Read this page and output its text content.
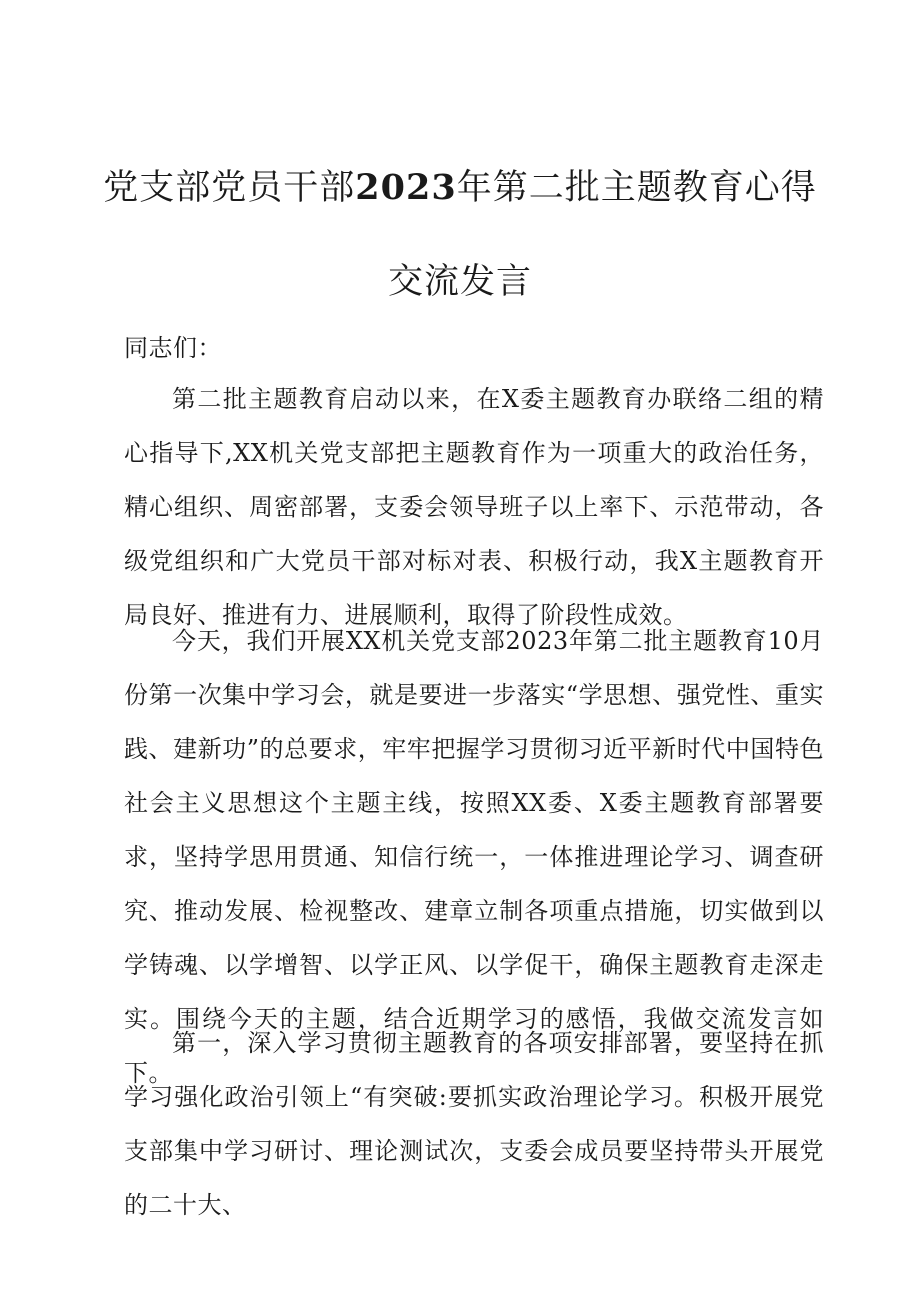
党支部党员干部2023年第二批主题教育心得
交流发言

同志们：

第二批主题教育启动以来，在X委主题教育办联络二组的精心指导下,XX机关党支部把主题教育作为一项重大的政治任务，精心组织、周密部署，支委会领导班子以上率下、示范带动，各级党组织和广大党员干部对标对表、积极行动，我X主题教育开局良好、推进有力、进展顺利，取得了阶段性成效。

今天，我们开展XX机关党支部2023年第二批主题教育10月份第一次集中学习会，就是要进一步落实“学思想、强党性、重实践、建新功”的总要求，牢牢把握学习贯彻习近平新时代中国特色社会主义思想这个主题主线，按照XX委、X委主题教育部署要求，坚持学思用贯通、知信行统一，一体推进理论学习、调查研究、推动发展、检视整改、建章立制各项重点措施，切实做到以学铸魂、以学增智、以学正风、以学促干，确保主题教育走深走实。围绕今天的主题，结合近期学习的感悟，我做交流发言如下。

第一，深入学习贯彻主题教育的各项安排部署，要坚持在抓学习强化政治引领上“有突破:要抓实政治理论学习。积极开展党支部集中学习研讨、理论测试次，支委会成员要坚持带头开展党的二十大、
